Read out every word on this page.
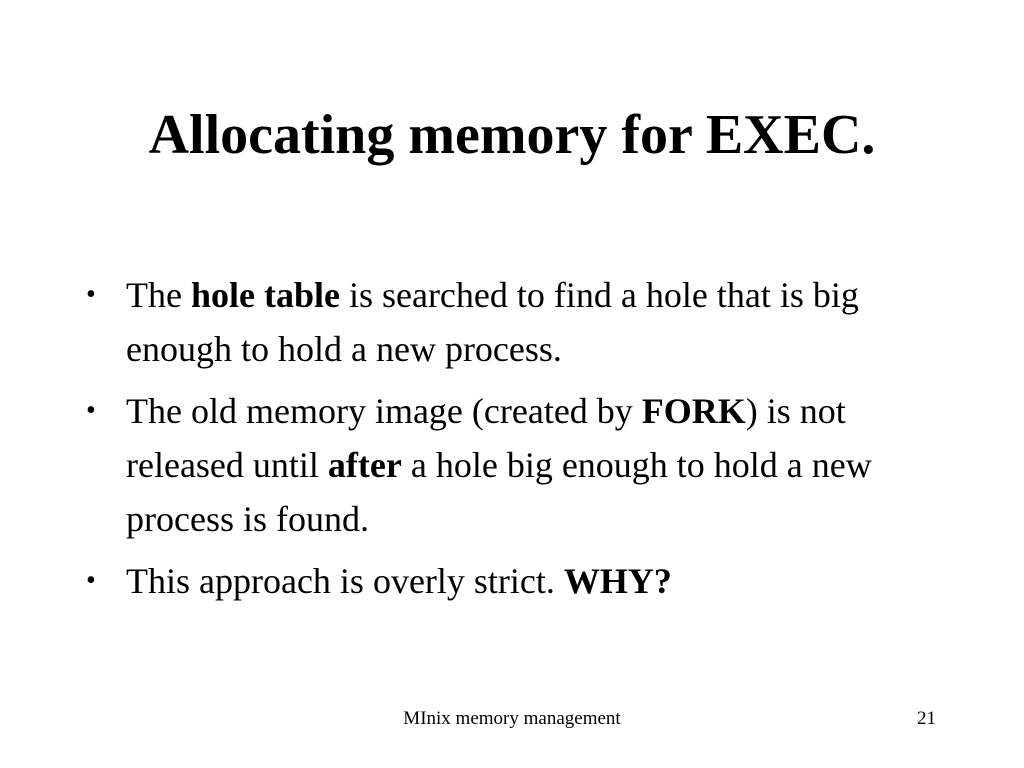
Allocating memory for EXEC.
• The hole table is searched to find a hole that is big enough to hold a new process.
• The old memory image (created by FORK) is not released until after a hole big enough to hold a new process is found.
• This approach is overly strict. WHY?
MInix memory management	21
